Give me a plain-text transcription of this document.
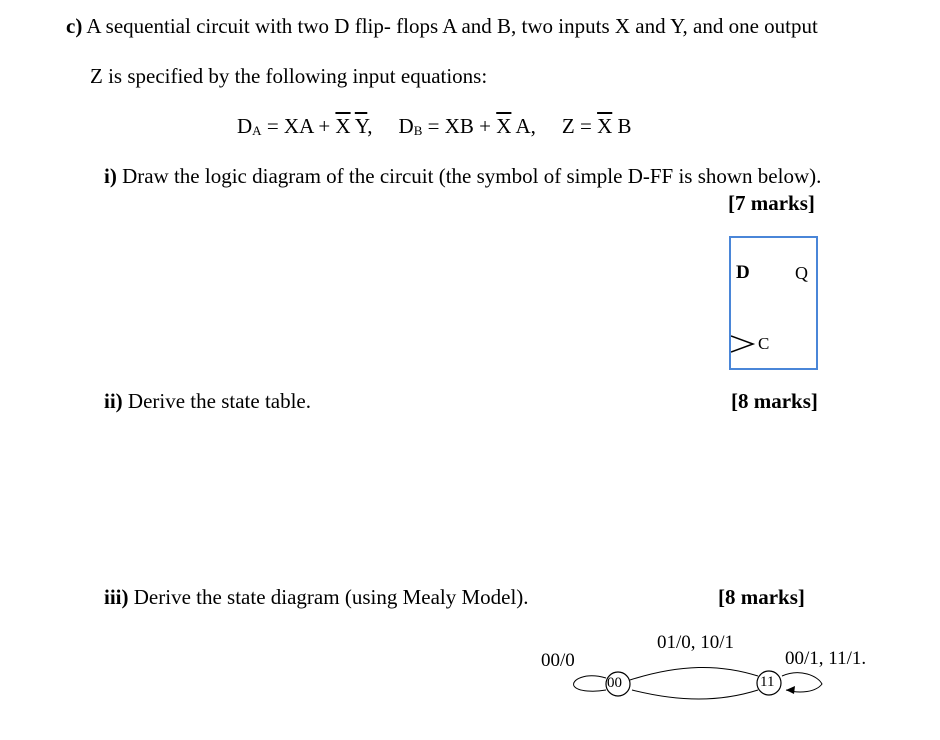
c) A sequential circuit with two D flip- flops A and B, two inputs X and Y, and one output
Z is specified by the following input equations:
$D_A$ = XA + $\overline{X}$  $\overline{Y}$, $D_B$ = XB + $\overline{X}$ A, $Z = \overline{X}$ B
i) Draw the logic diagram of the circuit (the symbol of simple D-FF is shown below).
[7 marks]
D	Q
C
ii) Derive the state table.	[8 marks]
iii) Derive the state diagram (using Mealy Model).	[8 marks]
00	11
00/0
01/0, 10/1
00/1, 11/1.
